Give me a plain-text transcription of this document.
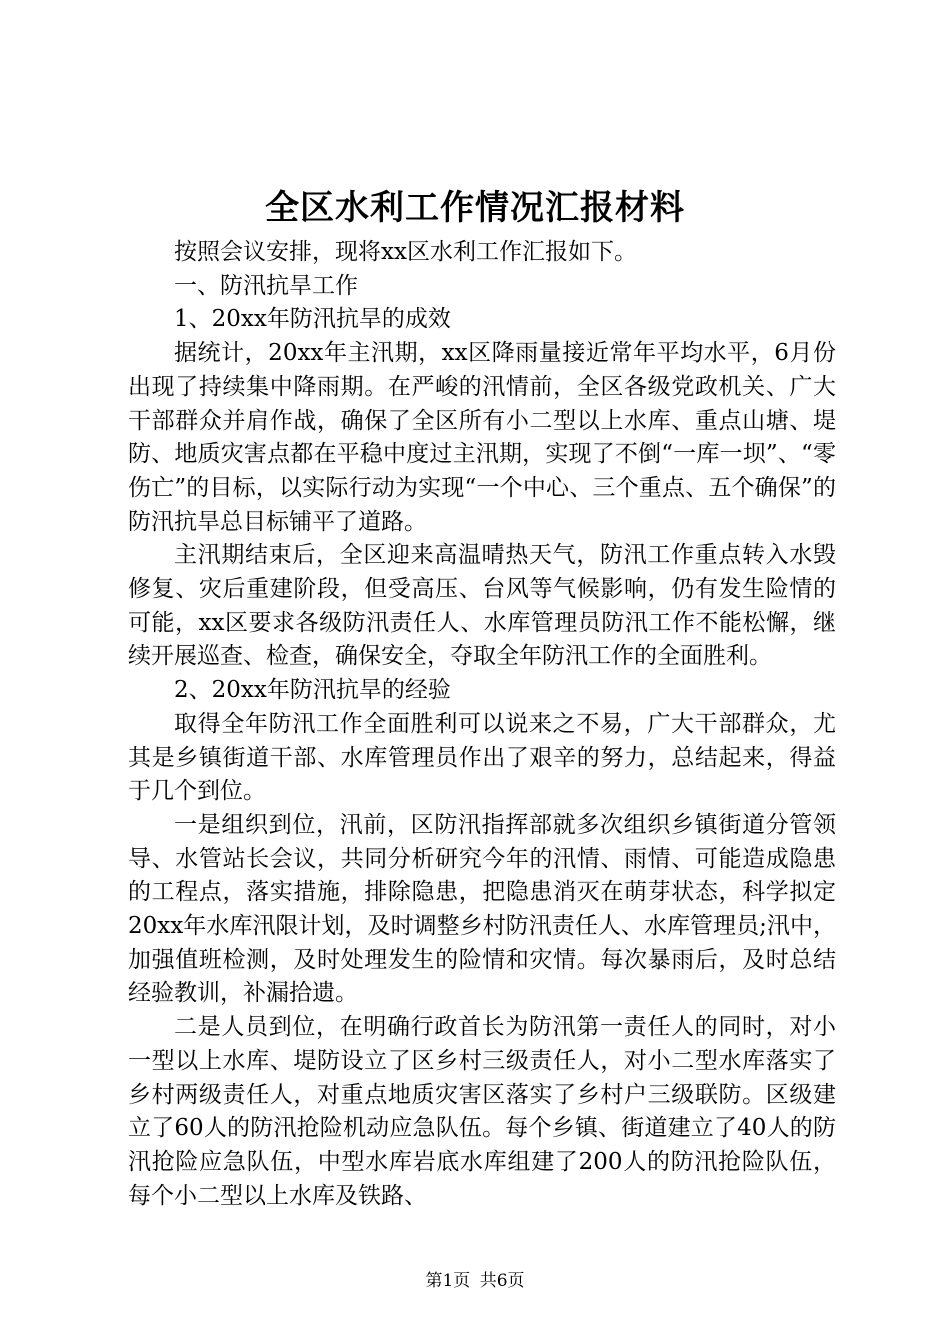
全区水利工作情况汇报材料

按照会议安排，现将xx区水利工作汇报如下。

一、防汛抗旱工作

1、20xx年防汛抗旱的成效

据统计，20xx年主汛期，xx区降雨量接近常年平均水平，6月份出现了持续集中降雨期。在严峻的汛情前，全区各级党政机关、广大干部群众并肩作战，确保了全区所有小二型以上水库、重点山塘、堤防、地质灾害点都在平稳中度过主汛期，实现了不倒“一库一坝”、“零伤亡”的目标，以实际行动为实现“一个中心、三个重点、五个确保”的防汛抗旱总目标铺平了道路。

主汛期结束后，全区迎来高温晴热天气，防汛工作重点转入水毁修复、灾后重建阶段，但受高压、台风等气候影响，仍有发生险情的可能，xx区要求各级防汛责任人、水库管理员防汛工作不能松懈，继续开展巡查、检查，确保安全，夺取全年防汛工作的全面胜利。

2、20xx年防汛抗旱的经验

取得全年防汛工作全面胜利可以说来之不易，广大干部群众，尤其是乡镇街道干部、水库管理员作出了艰辛的努力，总结起来，得益于几个到位。

一是组织到位，汛前，区防汛指挥部就多次组织乡镇街道分管领导、水管站长会议，共同分析研究今年的汛情、雨情、可能造成隐患的工程点，落实措施，排除隐患，把隐患消灭在萌芽状态，科学拟定20xx年水库汛限计划，及时调整乡村防汛责任人、水库管理员;汛中，加强值班检测，及时处理发生的险情和灾情。每次暴雨后，及时总结经验教训，补漏拾遗。

二是人员到位，在明确行政首长为防汛第一责任人的同时，对小一型以上水库、堤防设立了区乡村三级责任人，对小二型水库落实了乡村两级责任人，对重点地质灾害区落实了乡村户三级联防。区级建立了60人的防汛抢险机动应急队伍。每个乡镇、街道建立了40人的防汛抢险应急队伍，中型水库岩底水库组建了200人的防汛抢险队伍，每个小二型以上水库及铁路、

第1页 共6页
